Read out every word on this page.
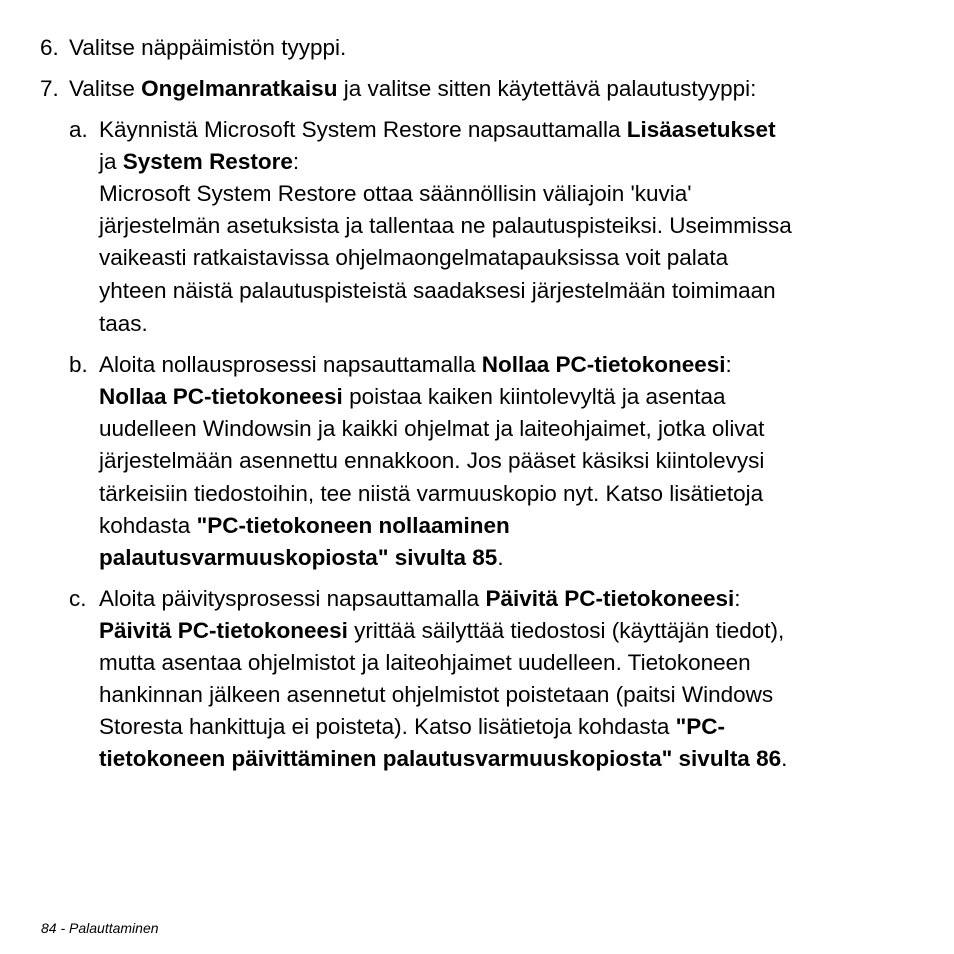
6. Valitse näppäimistön tyyppi.
7. Valitse Ongelmanratkaisu ja valitse sitten käytettävä palautustyyppi:
a. Käynnistä Microsoft System Restore napsauttamalla Lisäasetukset
ja System Restore:
Microsoft System Restore ottaa säännöllisin väliajoin 'kuvia'
järjestelmän asetuksista ja tallentaa ne palautuspisteiksi. Useimmissa
vaikeasti ratkaistavissa ohjelmaongelmatapauksissa voit palata
yhteen näistä palautuspisteistä saadaksesi järjestelmään toimimaan
taas.
b. Aloita nollausprosessi napsauttamalla Nollaa PC-tietokoneesi:
Nollaa PC-tietokoneesi poistaa kaiken kiintolevyltä ja asentaa
uudelleen Windowsin ja kaikki ohjelmat ja laiteohjaimet, jotka olivat
järjestelmään asennettu ennakkoon. Jos pääset käsiksi kiintolevysi
tärkeisiin tiedostoihin, tee niistä varmuuskopio nyt. Katso lisätietoja
kohdasta "PC-tietokoneen nollaaminen
palautusvarmuuskopiosta" sivulta 85.
c. Aloita päivitysprosessi napsauttamalla Päivitä PC-tietokoneesi:
Päivitä PC-tietokoneesi yrittää säilyttää tiedostosi (käyttäjän tiedot),
mutta asentaa ohjelmistot ja laiteohjaimet uudelleen. Tietokoneen
hankinnan jälkeen asennetut ohjelmistot poistetaan (paitsi Windows
Storesta hankittuja ei poisteta). Katso lisätietoja kohdasta "PC-
tietokoneen päivittäminen palautusvarmuuskopiosta" sivulta 86.
84 - Palauttaminen
